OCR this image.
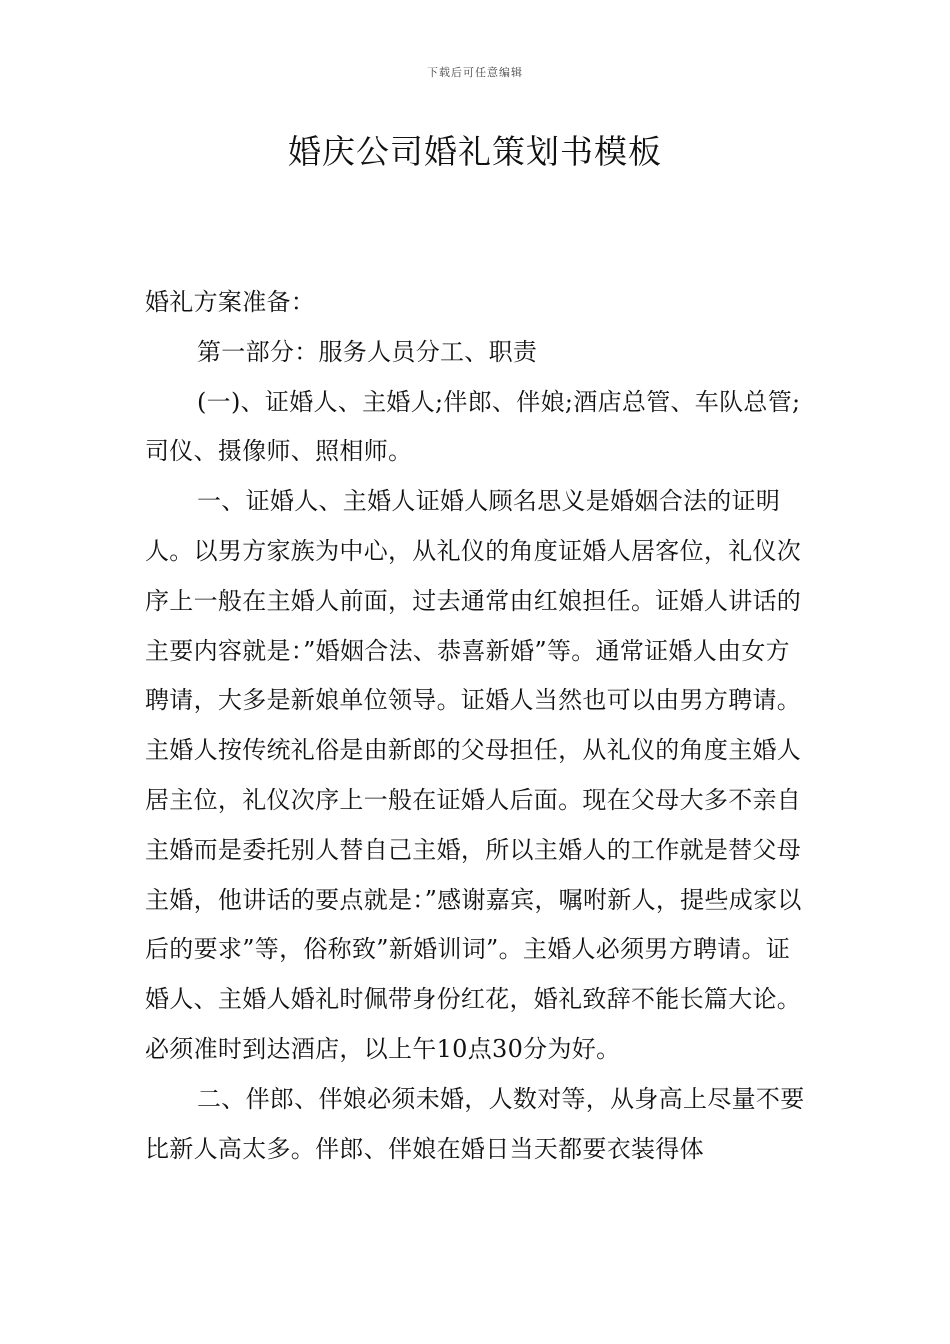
下载后可任意编辑
婚庆公司婚礼策划书模板

婚礼方案准备：

第一部分：服务人员分工、职责

(一)、证婚人、主婚人;伴郎、伴娘;酒店总管、车队总管;司仪、摄像师、照相师。

一、证婚人、主婚人证婚人顾名思义是婚姻合法的证明人。以男方家族为中心，从礼仪的角度证婚人居客位，礼仪次序上一般在主婚人前面，过去通常由红娘担任。证婚人讲话的主要内容就是：”婚姻合法、恭喜新婚”等。通常证婚人由女方聘请，大多是新娘单位领导。证婚人当然也可以由男方聘请。主婚人按传统礼俗是由新郎的父母担任，从礼仪的角度主婚人居主位，礼仪次序上一般在证婚人后面。现在父母大多不亲自主婚而是委托别人替自己主婚，所以主婚人的工作就是替父母主婚，他讲话的要点就是：”感谢嘉宾，嘱咐新人，提些成家以后的要求”等，俗称致”新婚训词”。主婚人必须男方聘请。证婚人、主婚人婚礼时佩带身份红花，婚礼致辞不能长篇大论。必须准时到达酒店，以上午10点30分为好。

二、伴郎、伴娘必须未婚，人数对等，从身高上尽量不要比新人高太多。伴郎、伴娘在婚日当天都要衣装得体
